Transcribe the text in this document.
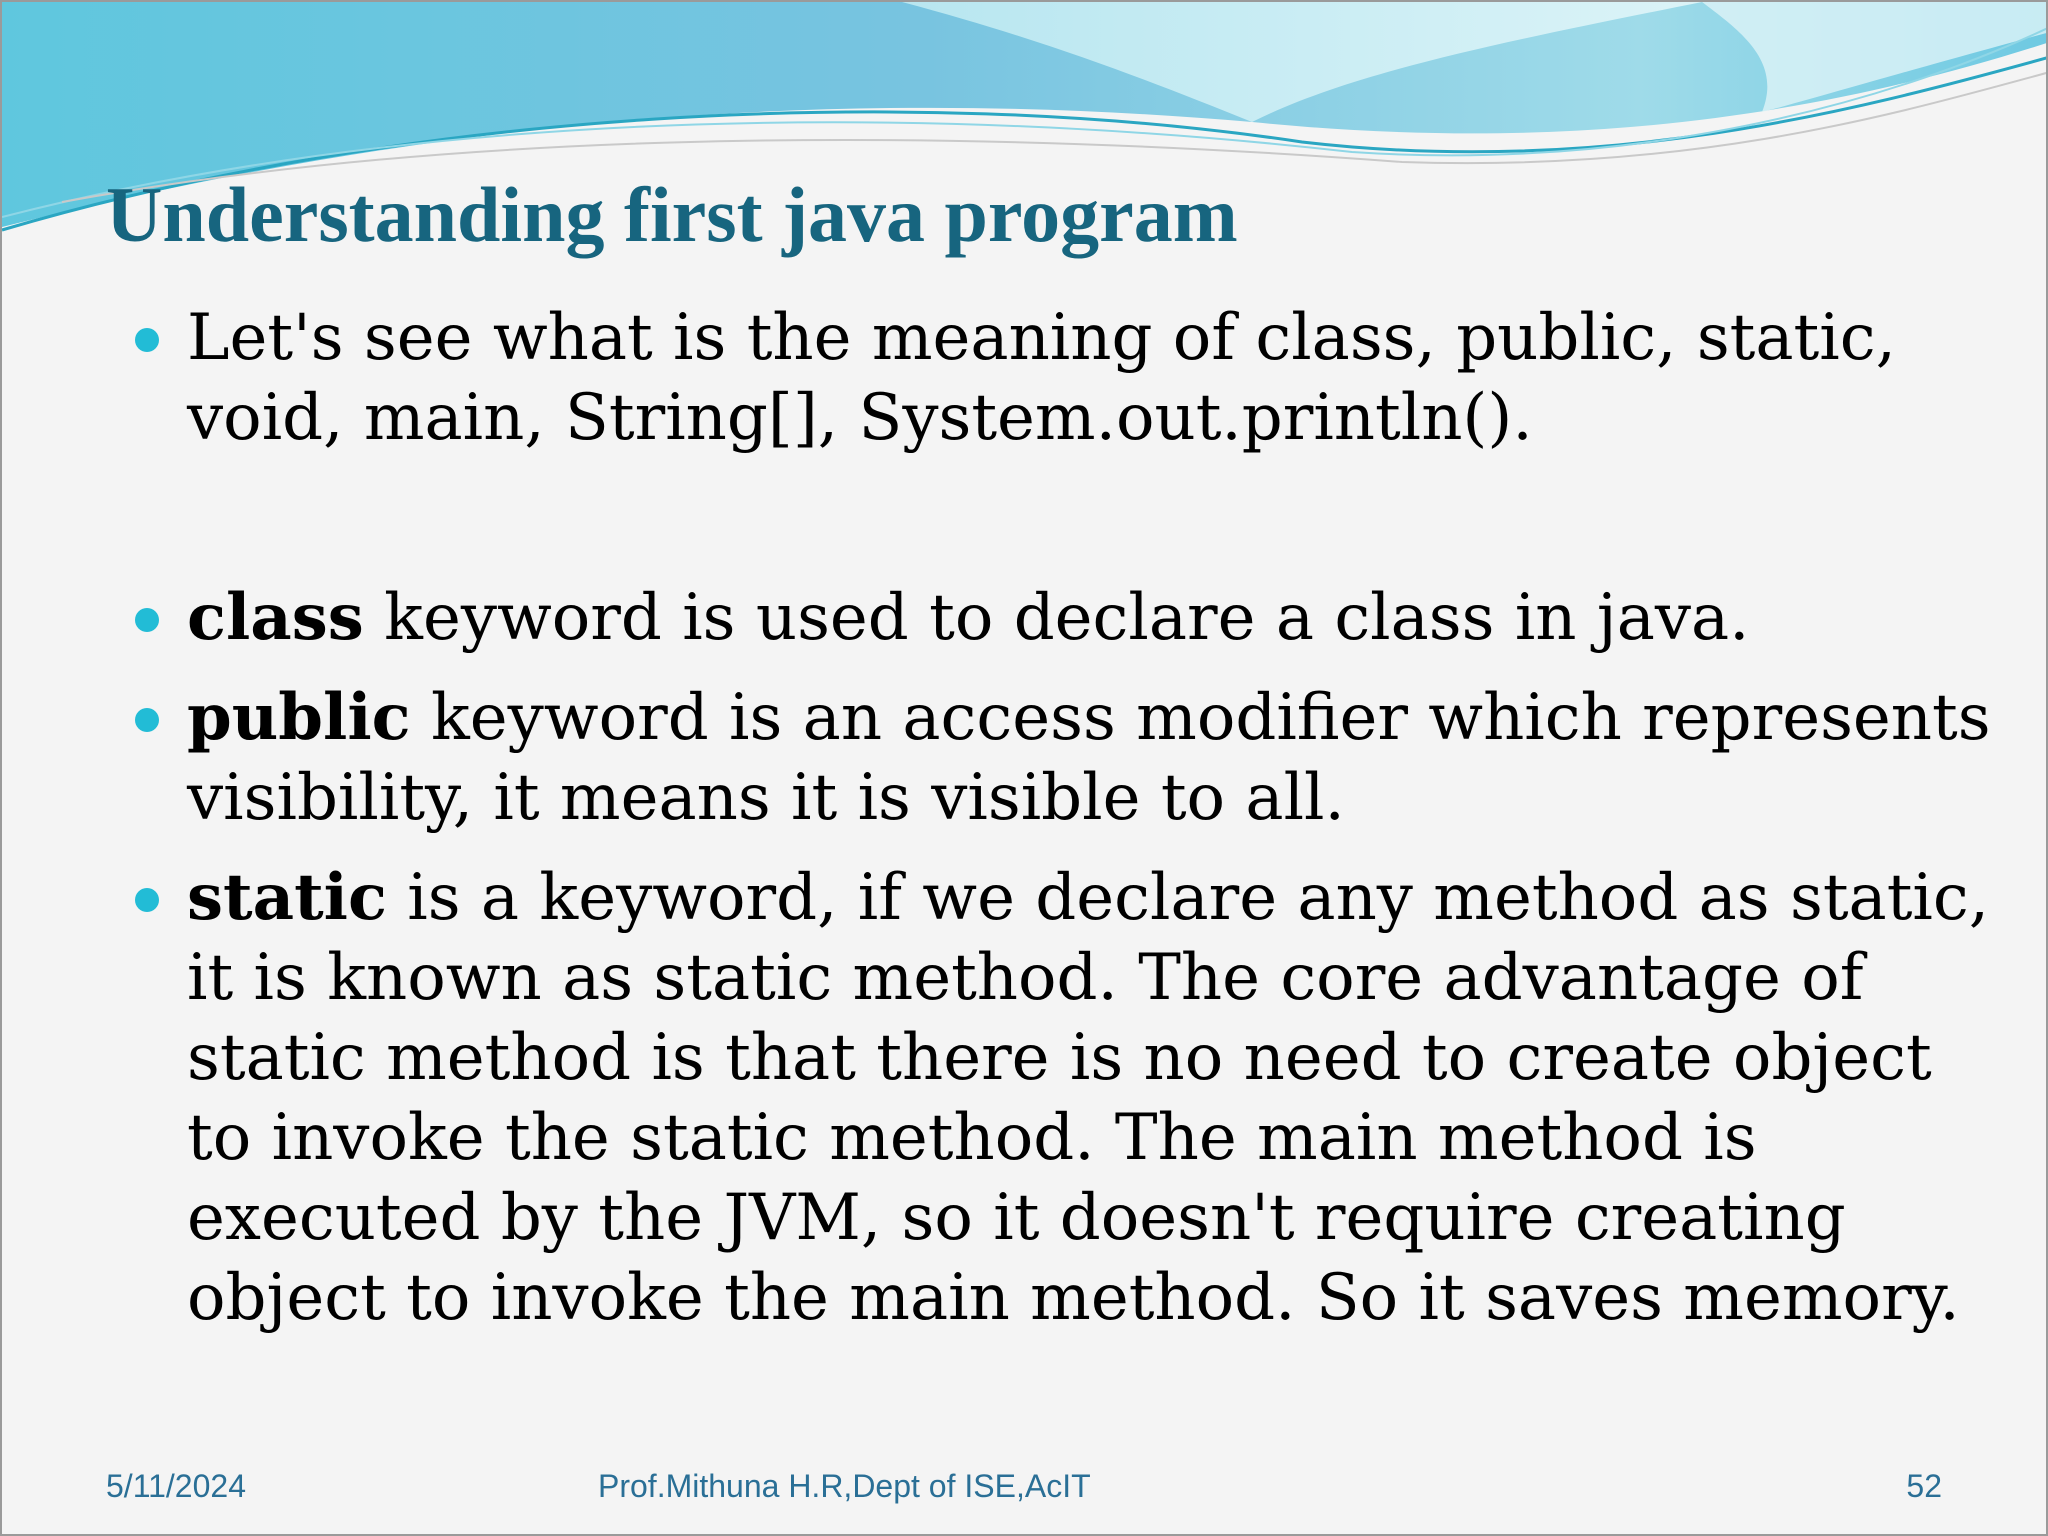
Understanding first java program
Let's see what is the meaning of class, public, static,
void, main, String[], System.out.println().
class keyword is used to declare a class in java.
public keyword is an access modifier which represents
visibility, it means it is visible to all.
static is a keyword, if we declare any method as static,
it is known as static method. The core advantage of
static method is that there is no need to create object
to invoke the static method. The main method is
executed by the JVM, so it doesn't require creating
object to invoke the main method. So it saves memory.
5/11/2024	Prof.Mithuna H.R,Dept of ISE,AcIT	52
